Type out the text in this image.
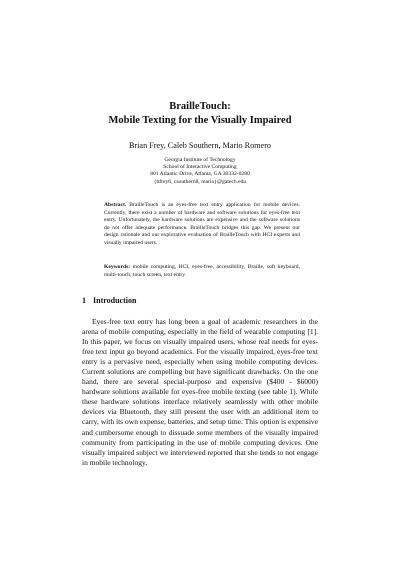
BrailleTouch:
Mobile Texting for the Visually Impaired
Brian Frey, Caleb Southern, Mario Romero
Georgia Institute of Technology
School of Interactive Computing
801 Atlantic Drive, Atlanta, GA 30332-0280
{bfrey6, csouthern8, mario}@gatech.edu
Abstract. BrailleTouch is an eyes-free text entry application for mobile devices. Currently, there exist a number of hardware and software solutions for eyes-free text entry. Unfortunately, the hardware solutions are expensive and the software solutions do not offer adequate performance. BrailleTouch bridges this gap. We present our design rationale and our explorative evaluation of BrailleTouch with HCI experts and visually impaired users.
Keywords: mobile computing, HCI, eyes-free, accessibility, Braille, soft keyboard, multi-touch, touch screen, text entry.
1 Introduction
Eyes-free text entry has long been a goal of academic researchers in the arena of mobile computing, especially in the field of wearable computing [1]. In this paper, we focus on visually impaired users, whose real needs for eyes-free text input go beyond academics. For the visually impaired, eyes-free text entry is a pervasive need, especially when using mobile computing devices. Current solutions are compelling but have significant drawbacks. On the one hand, there are several special-purpose and expensive ($400 - $6000) hardware solutions available for eyes-free mobile texting (see table 1). While these hardware solutions interface relatively seamlessly with other mobile devices via Bluetooth, they still present the user with an additional item to carry, with its own expense, batteries, and setup time. This option is expensive and cumbersome enough to dissuade some members of the visually impaired community from participating in the use of mobile computing devices. One visually impaired subject we interviewed reported that she tends to not engage in mobile technology,
